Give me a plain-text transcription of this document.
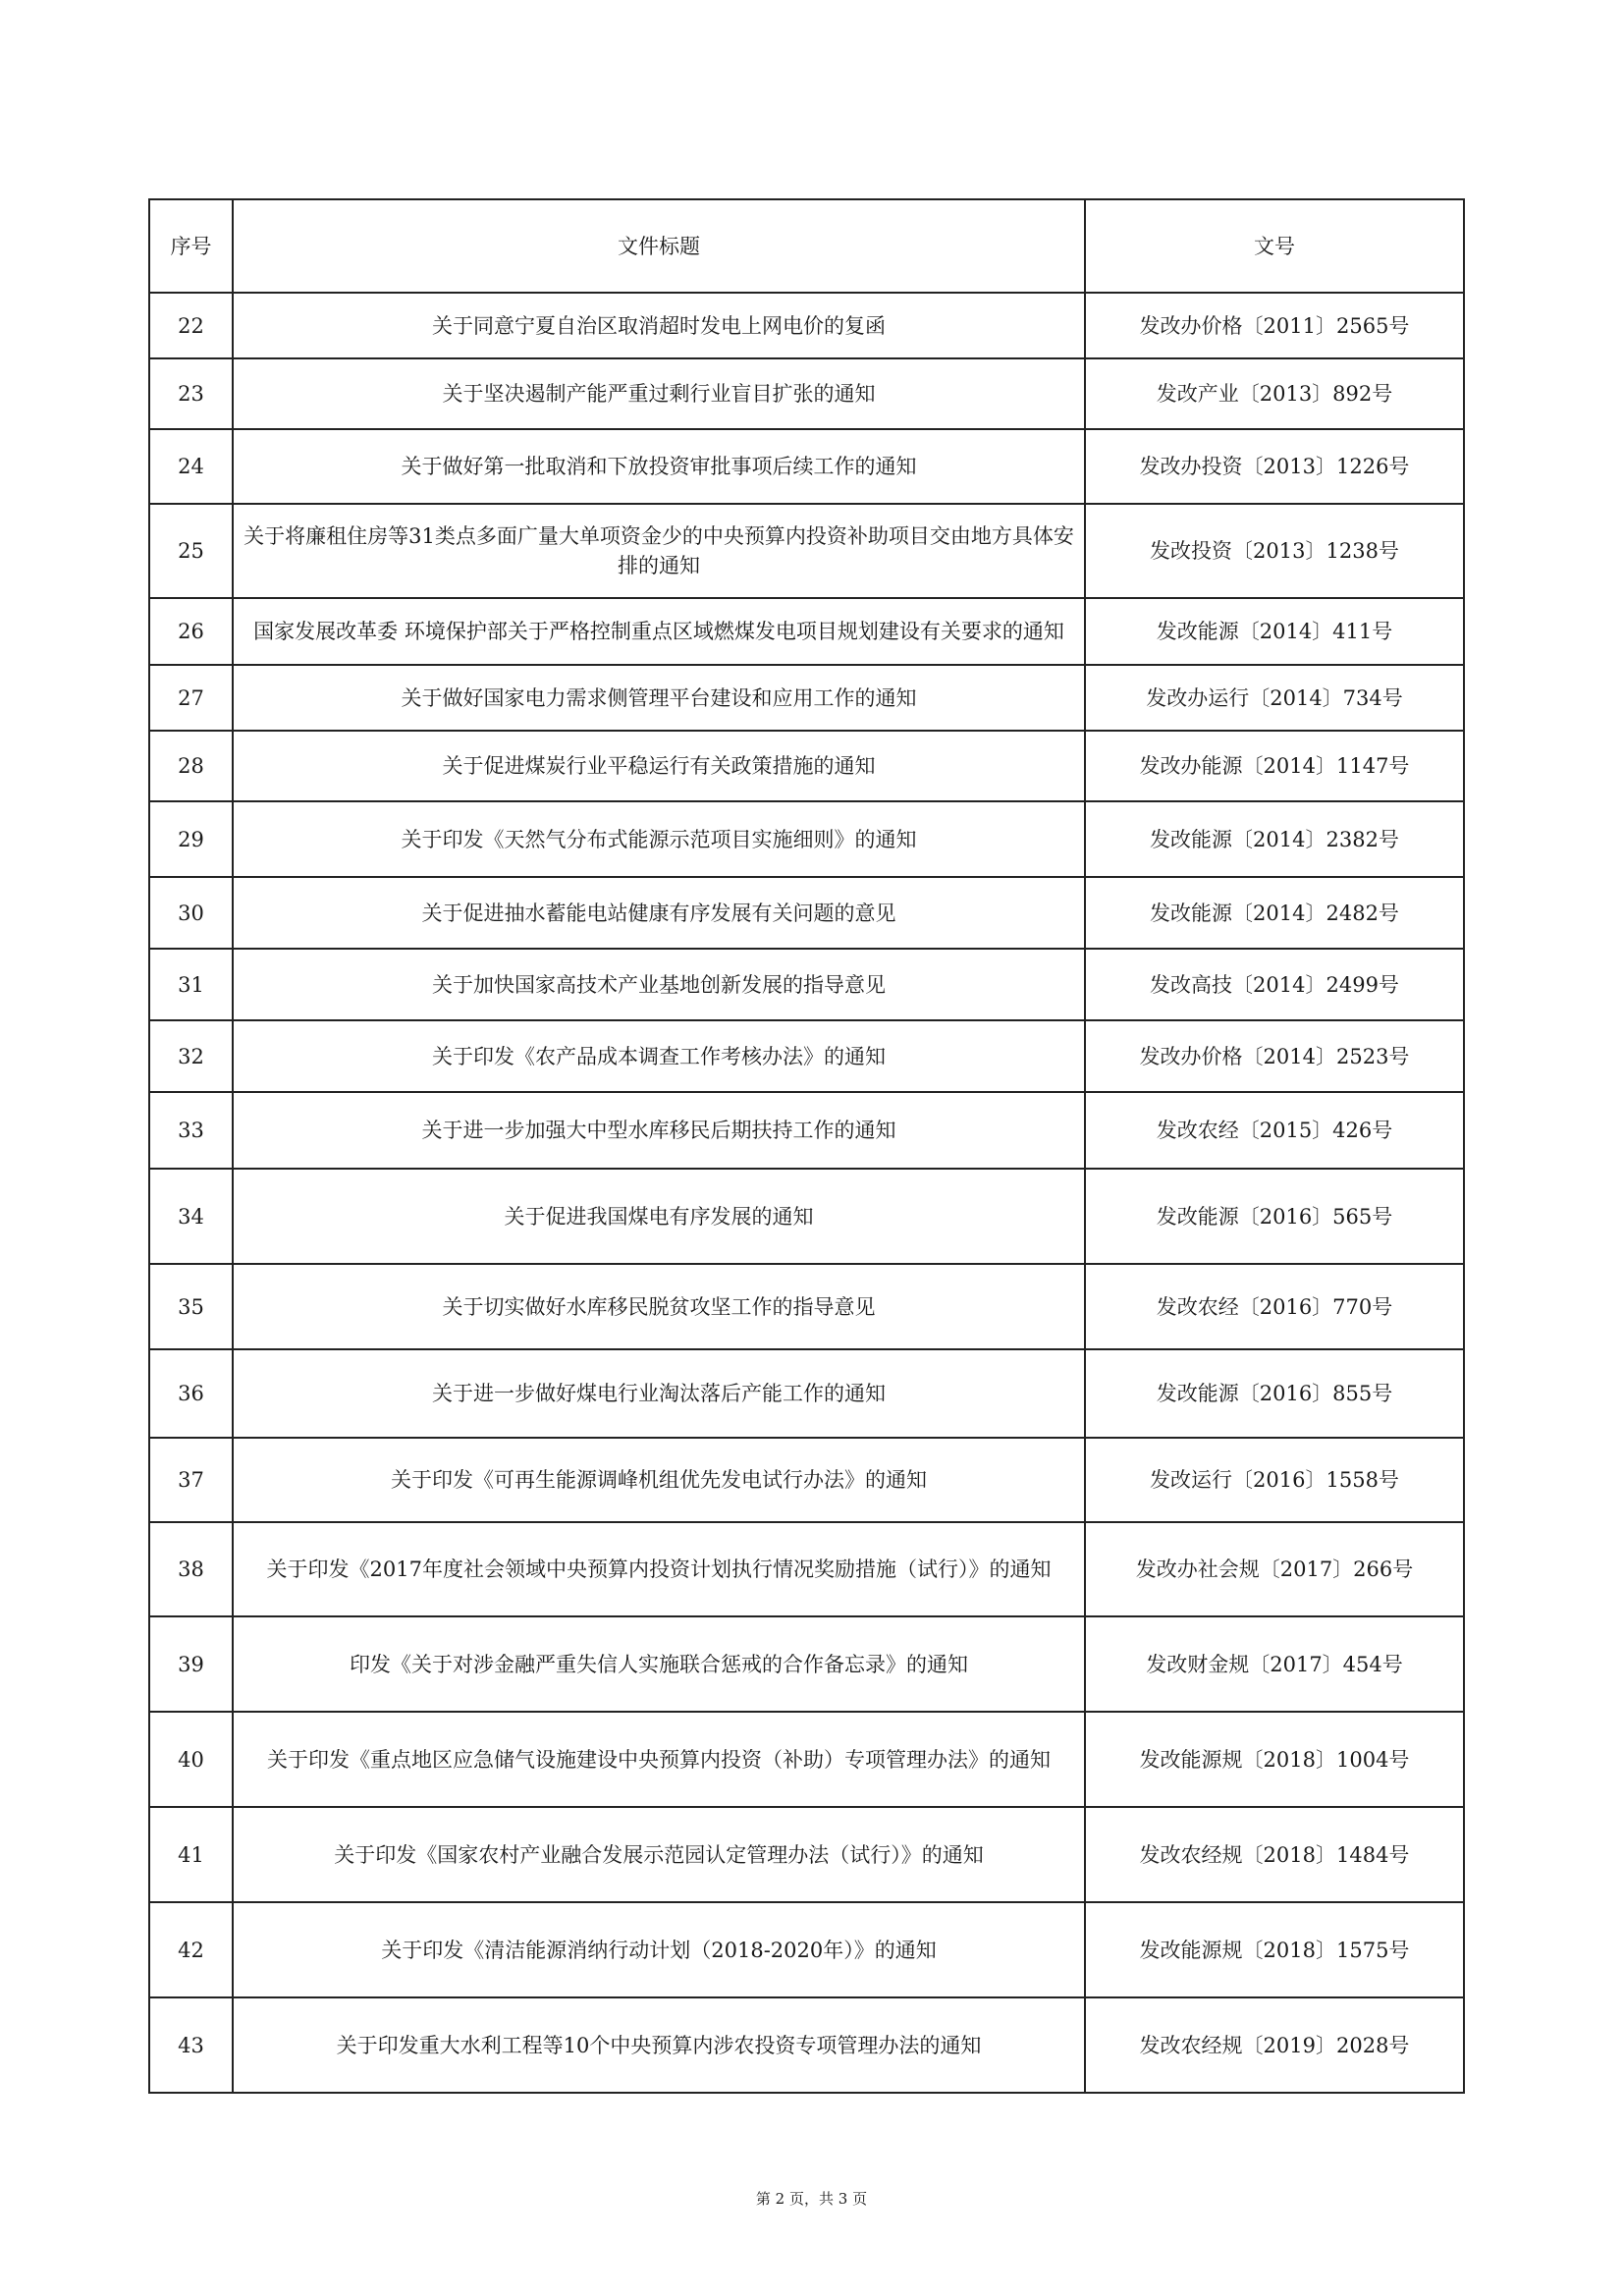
序号	文件标题	文号
22	关于同意宁夏自治区取消超时发电上网电价的复函	发改办价格〔2011〕2565号
23	关于坚决遏制产能严重过剩行业盲目扩张的通知	发改产业〔2013〕892号
24	关于做好第一批取消和下放投资审批事项后续工作的通知	发改办投资〔2013〕1226号
25	关于将廉租住房等31类点多面广量大单项资金少的中央预算内投资补助项目交由地方具体安排的通知	发改投资〔2013〕1238号
26	国家发展改革委 环境保护部关于严格控制重点区域燃煤发电项目规划建设有关要求的通知	发改能源〔2014〕411号
27	关于做好国家电力需求侧管理平台建设和应用工作的通知	发改办运行〔2014〕734号
28	关于促进煤炭行业平稳运行有关政策措施的通知	发改办能源〔2014〕1147号
29	关于印发《天然气分布式能源示范项目实施细则》的通知	发改能源〔2014〕2382号
30	关于促进抽水蓄能电站健康有序发展有关问题的意见	发改能源〔2014〕2482号
31	关于加快国家高技术产业基地创新发展的指导意见	发改高技〔2014〕2499号
32	关于印发《农产品成本调查工作考核办法》的通知	发改办价格〔2014〕2523号
33	关于进一步加强大中型水库移民后期扶持工作的通知	发改农经〔2015〕426号
34	关于促进我国煤电有序发展的通知	发改能源〔2016〕565号
35	关于切实做好水库移民脱贫攻坚工作的指导意见	发改农经〔2016〕770号
36	关于进一步做好煤电行业淘汰落后产能工作的通知	发改能源〔2016〕855号
37	关于印发《可再生能源调峰机组优先发电试行办法》的通知	发改运行〔2016〕1558号
38	关于印发《2017年度社会领域中央预算内投资计划执行情况奖励措施（试行）》的通知	发改办社会规〔2017〕266号
39	印发《关于对涉金融严重失信人实施联合惩戒的合作备忘录》的通知	发改财金规〔2017〕454号
40	关于印发《重点地区应急储气设施建设中央预算内投资（补助）专项管理办法》的通知	发改能源规〔2018〕1004号
41	关于印发《国家农村产业融合发展示范园认定管理办法（试行）》的通知	发改农经规〔2018〕1484号
42	关于印发《清洁能源消纳行动计划（2018-2020年）》的通知	发改能源规〔2018〕1575号
43	关于印发重大水利工程等10个中央预算内涉农投资专项管理办法的通知	发改农经规〔2019〕2028号
第 2 页，共 3 页
